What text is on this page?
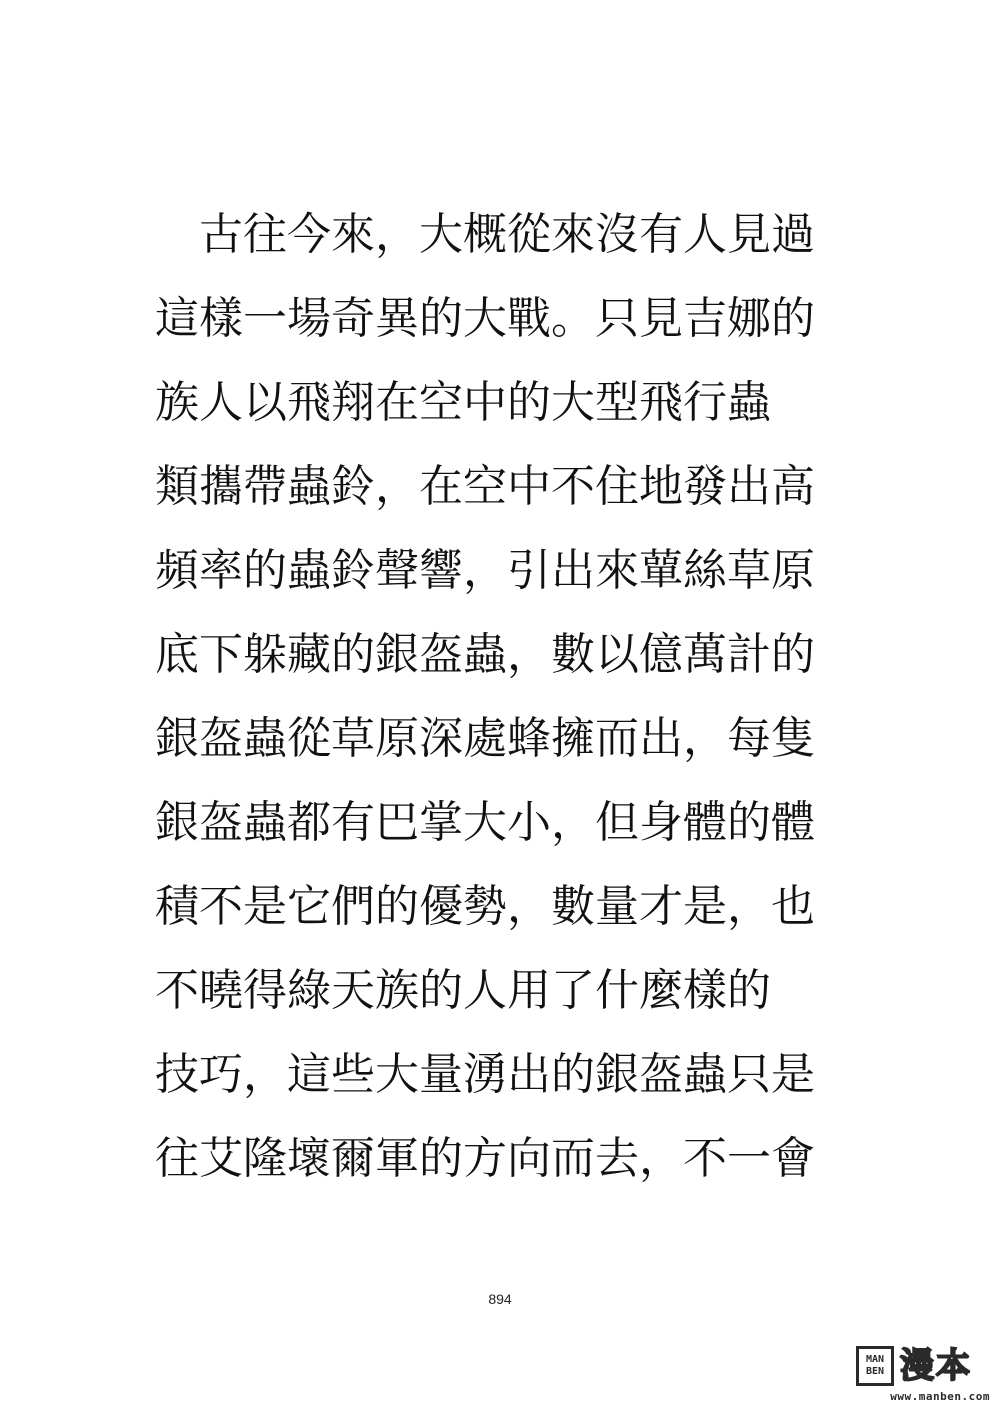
　古往今來，大概從來沒有人見過
這樣一場奇異的大戰。只見吉娜的
族人以飛翔在空中的大型飛行蟲
類攜帶蟲鈴，在空中不住地發出高
頻率的蟲鈴聲響，引出來蕇絲草原
底下躲藏的銀盔蟲，數以億萬計的
銀盔蟲從草原深處蜂擁而出，每隻
銀盔蟲都有巴掌大小，但身體的體
積不是它們的優勢，數量才是，也
不曉得綠天族的人用了什麼樣的
技巧，這些大量湧出的銀盔蟲只是
往艾隆壞爾軍的方向而去，不一會
894
MAN
BEN 漫本
www.manben.com
